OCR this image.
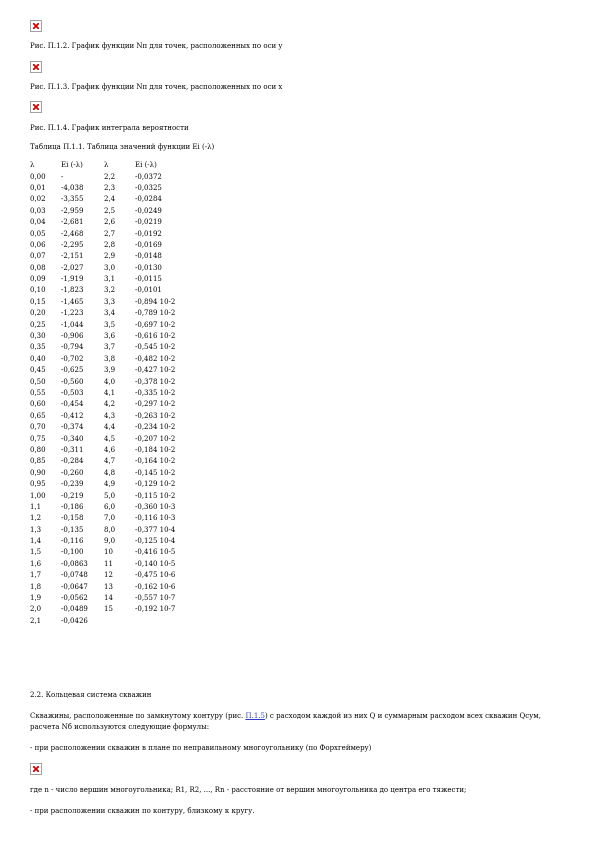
Рис. П.1.2. График функции Nп для точек, расположенных по оси y
Рис. П.1.3. График функции Nп для точек, расположенных по оси x
Рис. П.1.4. График интеграла вероятности
Таблица П.1.1. Таблица значений функции Ei (-λ)
λ	Ei (-λ)	λ	Ei (-λ)
0,00	-	2,2	-0,0372
0,01	-4,038	2,3	-0,0325
0,02	-3,355	2,4	-0,0284
0,03	-2,959	2,5	-0,0249
0,04	-2,681	2,6	-0,0219
0,05	-2,468	2,7	-0,0192
0,06	-2,295	2,8	-0,0169
0,07	-2,151	2,9	-0,0148
0,08	-2,027	3,0	-0,0130
0,09	-1,919	3,1	-0,0115
0,10	-1,823	3,2	-0,0101
0,15	-1,465	3,3	-0,894 10-2
0,20	-1,223	3,4	-0,789 10-2
0,25	-1,044	3,5	-0,697 10-2
0,30	-0,906	3,6	-0,616 10-2
0,35	-0,794	3,7	-0,545 10-2
0,40	-0,702	3,8	-0,482 10-2
0,45	-0,625	3,9	-0,427 10-2
0,50	-0,560	4,0	-0,378 10-2
0,55	-0,503	4,1	-0,335 10-2
0,60	-0,454	4,2	-0,297 10-2
0,65	-0,412	4,3	-0,263 10-2
0,70	-0,374	4,4	-0,234 10-2
0,75	-0,340	4,5	-0,207 10-2
0,80	-0,311	4,6	-0,184 10-2
0,85	-0,284	4,7	-0,164 10-2
0,90	-0,260	4,8	-0,145 10-2
0,95	-0,239	4,9	-0,129 10-2
1,00	-0,219	5,0	-0,115 10-2
1,1	-0,186	6,0	-0,360 10-3
1,2	-0,158	7,0	-0,116 10-3
1,3	-0,135	8,0	-0,377 10-4
1,4	-0,116	9,0	-0,125 10-4
1,5	-0,100	10	-0,416 10-5
1,6	-0,0863	11	-0,140 10-5
1,7	-0,0748	12	-0,475 10-6
1,8	-0,0647	13	-0,162 10-6
1,9	-0,0562	14	-0,557 10-7
2,0	-0,0489	15	-0,192 10-7
2,1	-0,0426		
2.2. Кольцевая система скважин
Скважины, расположенные по замкнутому контуру (рис. П.1.5) с расходом каждой из них Q и суммарным расходом всех скважин Qсум,
расчета Nб используются следующие формулы:
- при расположении скважин в плане по неправильному многоугольнику (по Форхгеймеру)
где n - число вершин многоугольника; R1, R2, ..., Rn - расстояние от вершин многоугольника до центра его тяжести;
- при расположении скважин по контуру, близкому к кругу.
